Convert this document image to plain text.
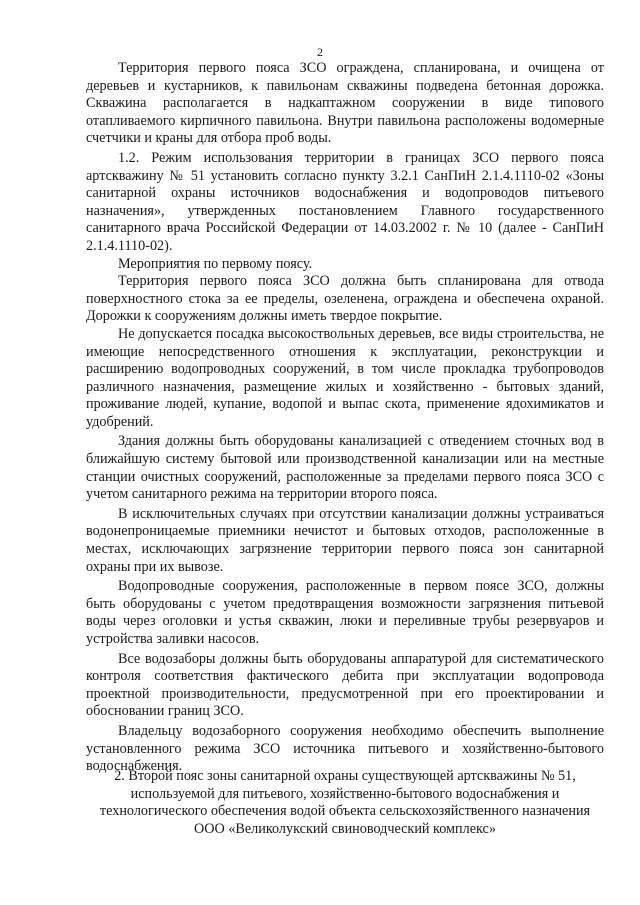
2

Территория первого пояса ЗСО ограждена, спланирована, и очищена от деревьев и кустарников, к павильонам скважины подведена бетонная дорожка. Скважина располагается в надкаптажном сооружении в виде типового отапливаемого кирпичного павильона. Внутри павильона расположены водомерные счетчики и краны для отбора проб воды.

1.2. Режим использования территории в границах ЗСО первого пояса артскважину № 51 установить согласно пункту 3.2.1 СанПиН 2.1.4.1110-02 «Зоны санитарной охраны источников водоснабжения и водопроводов питьевого назначения», утвержденных постановлением Главного государственного санитарного врача Российской Федерации от 14.03.2002 г. № 10 (далее - СанПиН 2.1.4.1110-02).

Мероприятия по первому поясу.

Территория первого пояса ЗСО должна быть спланирована для отвода поверхностного стока за ее пределы, озеленена, ограждена и обеспечена охраной. Дорожки к сооружениям должны иметь твердое покрытие.

Не допускается посадка высокоствольных деревьев, все виды строительства, не имеющие непосредственного отношения к эксплуатации, реконструкции и расширению водопроводных сооружений, в том числе прокладка трубопроводов различного назначения, размещение жилых и хозяйственно - бытовых зданий, проживание людей, купание, водопой и выпас скота, применение ядохимикатов и удобрений.

Здания должны быть оборудованы канализацией с отведением сточных вод в ближайшую систему бытовой или производственной канализации или на местные станции очистных сооружений, расположенные за пределами первого пояса ЗСО с учетом санитарного режима на территории второго пояса.

В исключительных случаях при отсутствии канализации должны устраиваться водонепроницаемые приемники нечистот и бытовых отходов, расположенные в местах, исключающих загрязнение территории первого пояса зон санитарной охраны при их вывозе.

Водопроводные сооружения, расположенные в первом поясе ЗСО, должны быть оборудованы с учетом предотвращения возможности загрязнения питьевой воды через оголовки и устья скважин, люки и переливные трубы резервуаров и устройства заливки насосов.

Все водозаборы должны быть оборудованы аппаратурой для систематического контроля соответствия фактического дебита при эксплуатации водопровода проектной производительности, предусмотренной при его проектировании и обосновании границ ЗСО.

Владельцу водозаборного сооружения необходимо обеспечить выполнение установленного режима ЗСО источника питьевого и хозяйственно-бытового водоснабжения.

2. Второй пояс зоны санитарной охраны существующей артскважины № 51, используемой для питьевого, хозяйственно-бытового водоснабжения и технологического обеспечения водой объекта сельскохозяйственного назначения ООО «Великолукский свиноводческий комплекс»
